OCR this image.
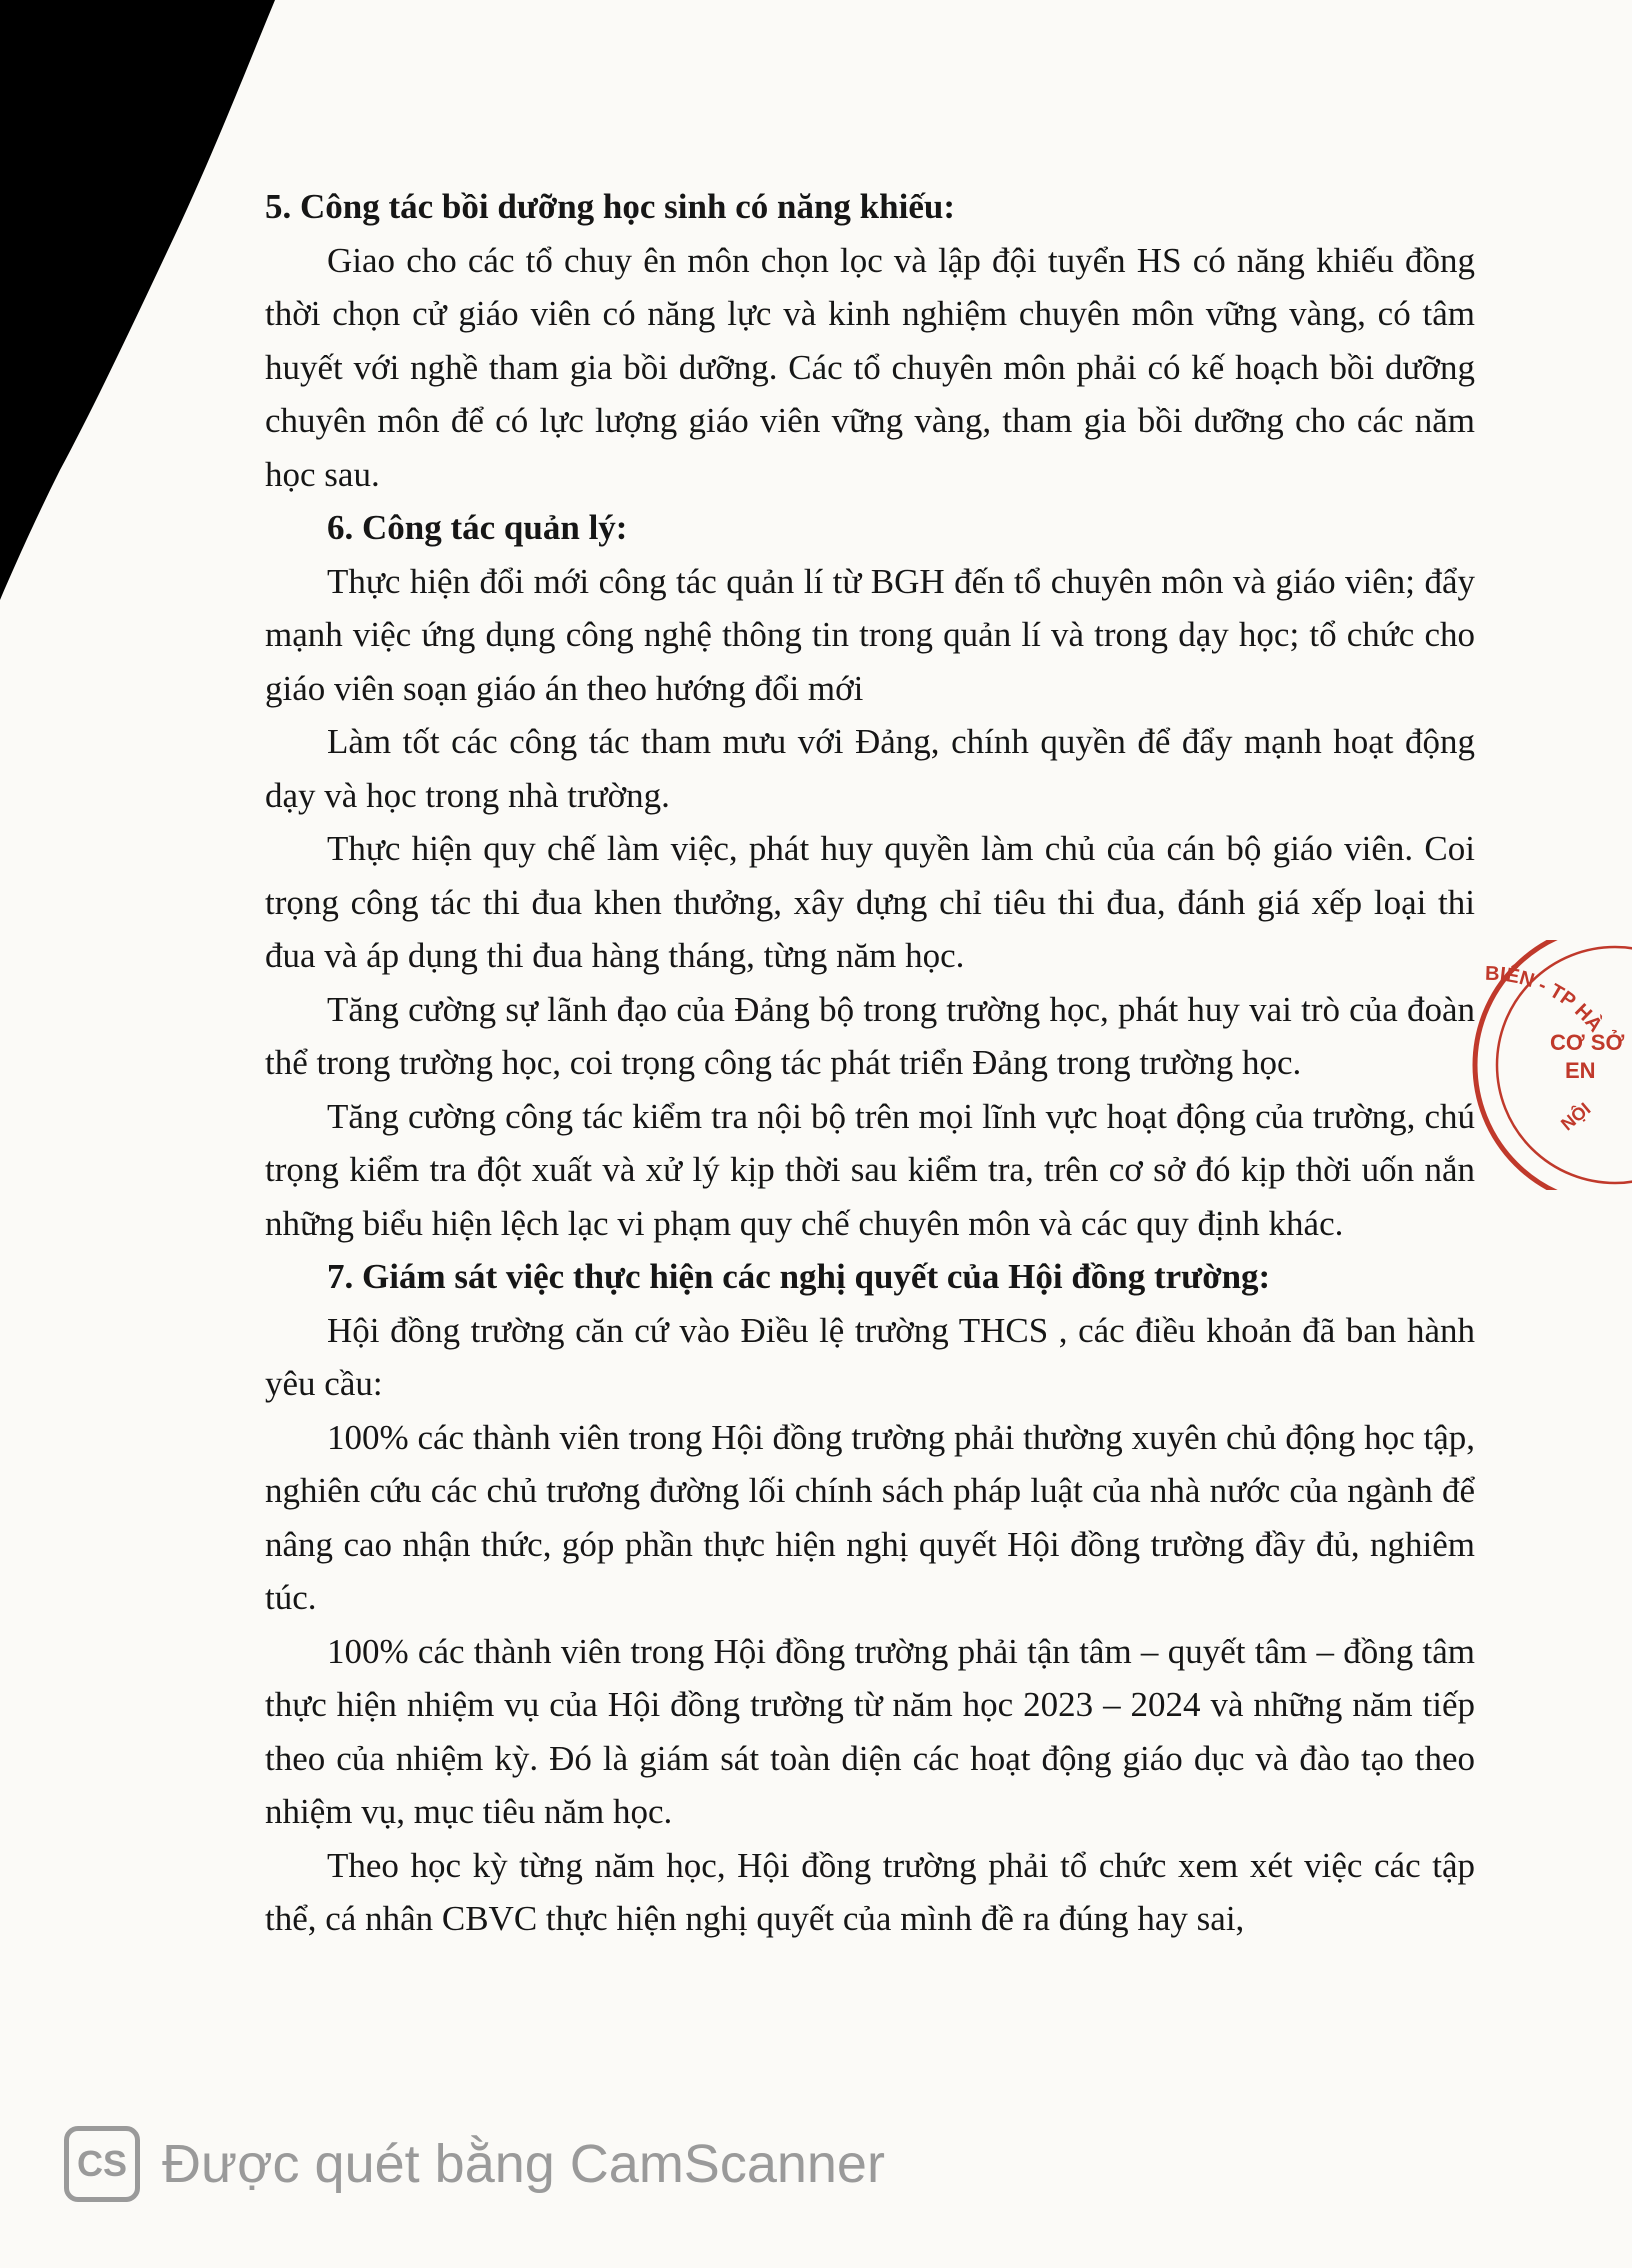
5. Công tác bồi dưỡng học sinh có năng khiếu:

Giao cho các tổ chuy ên môn chọn lọc và lập đội tuyển HS có năng khiếu đồng thời chọn cử giáo viên có năng lực và kinh nghiệm chuyên môn vững vàng, có tâm huyết với nghề tham gia bồi dưỡng. Các tổ chuyên môn phải có kế hoạch bồi dưỡng chuyên môn để có lực lượng giáo viên vững vàng, tham gia bồi dưỡng cho các năm học sau.

6. Công tác quản lý:

Thực hiện đổi mới công tác quản lí từ BGH đến tổ chuyên môn và giáo viên; đẩy mạnh việc ứng dụng công nghệ thông tin trong quản lí và trong dạy học; tổ chức cho giáo viên soạn giáo án theo hướng đổi mới

Làm tốt các công tác tham mưu với Đảng, chính quyền để đẩy mạnh hoạt động dạy và học trong nhà trường.

Thực hiện quy chế làm việc, phát huy quyền làm chủ của cán bộ giáo viên. Coi trọng công tác thi đua khen thưởng, xây dựng chỉ tiêu thi đua, đánh giá xếp loại thi đua và áp dụng thi đua hàng tháng, từng năm học.

Tăng cường sự lãnh đạo của Đảng bộ trong trường học, phát huy vai trò của đoàn thể trong trường học, coi trọng công tác phát triển Đảng trong trường học.

Tăng cường công tác kiểm tra nội bộ trên mọi lĩnh vực hoạt động của trường, chú trọng kiểm tra đột xuất và xử lý kịp thời sau kiểm tra, trên cơ sở đó kịp thời uốn nắn những biểu hiện lệch lạc vi phạm quy chế chuyên môn và các quy định khác.

7. Giám sát việc thực hiện các nghị quyết của Hội đồng trường:

Hội đồng trường căn cứ vào Điều lệ trường THCS , các điều khoản đã ban hành yêu cầu:

100% các thành viên trong Hội đồng trường phải thường xuyên chủ động học tập, nghiên cứu các chủ trương đường lối chính sách pháp luật của nhà nước của ngành để nâng cao nhận thức, góp phần thực hiện nghị quyết Hội đồng trường đầy đủ, nghiêm túc.

100% các thành viên trong Hội đồng trường phải tận tâm – quyết tâm – đồng tâm thực hiện nhiệm vụ của Hội đồng trường từ năm học 2023 – 2024 và những năm tiếp theo của nhiệm kỳ. Đó là giám sát toàn diện các hoạt động giáo dục và đào tạo theo nhiệm vụ, mục tiêu năm học.

Theo học kỳ từng năm học, Hội đồng trường phải tổ chức xem xét việc các tập thể, cá nhân CBVC thực hiện nghị quyết của mình đề ra đúng hay sai,

BIÊN - TP HÀ
CƠ SỞ
EN
NỘI
CS Được quét bằng CamScanner
